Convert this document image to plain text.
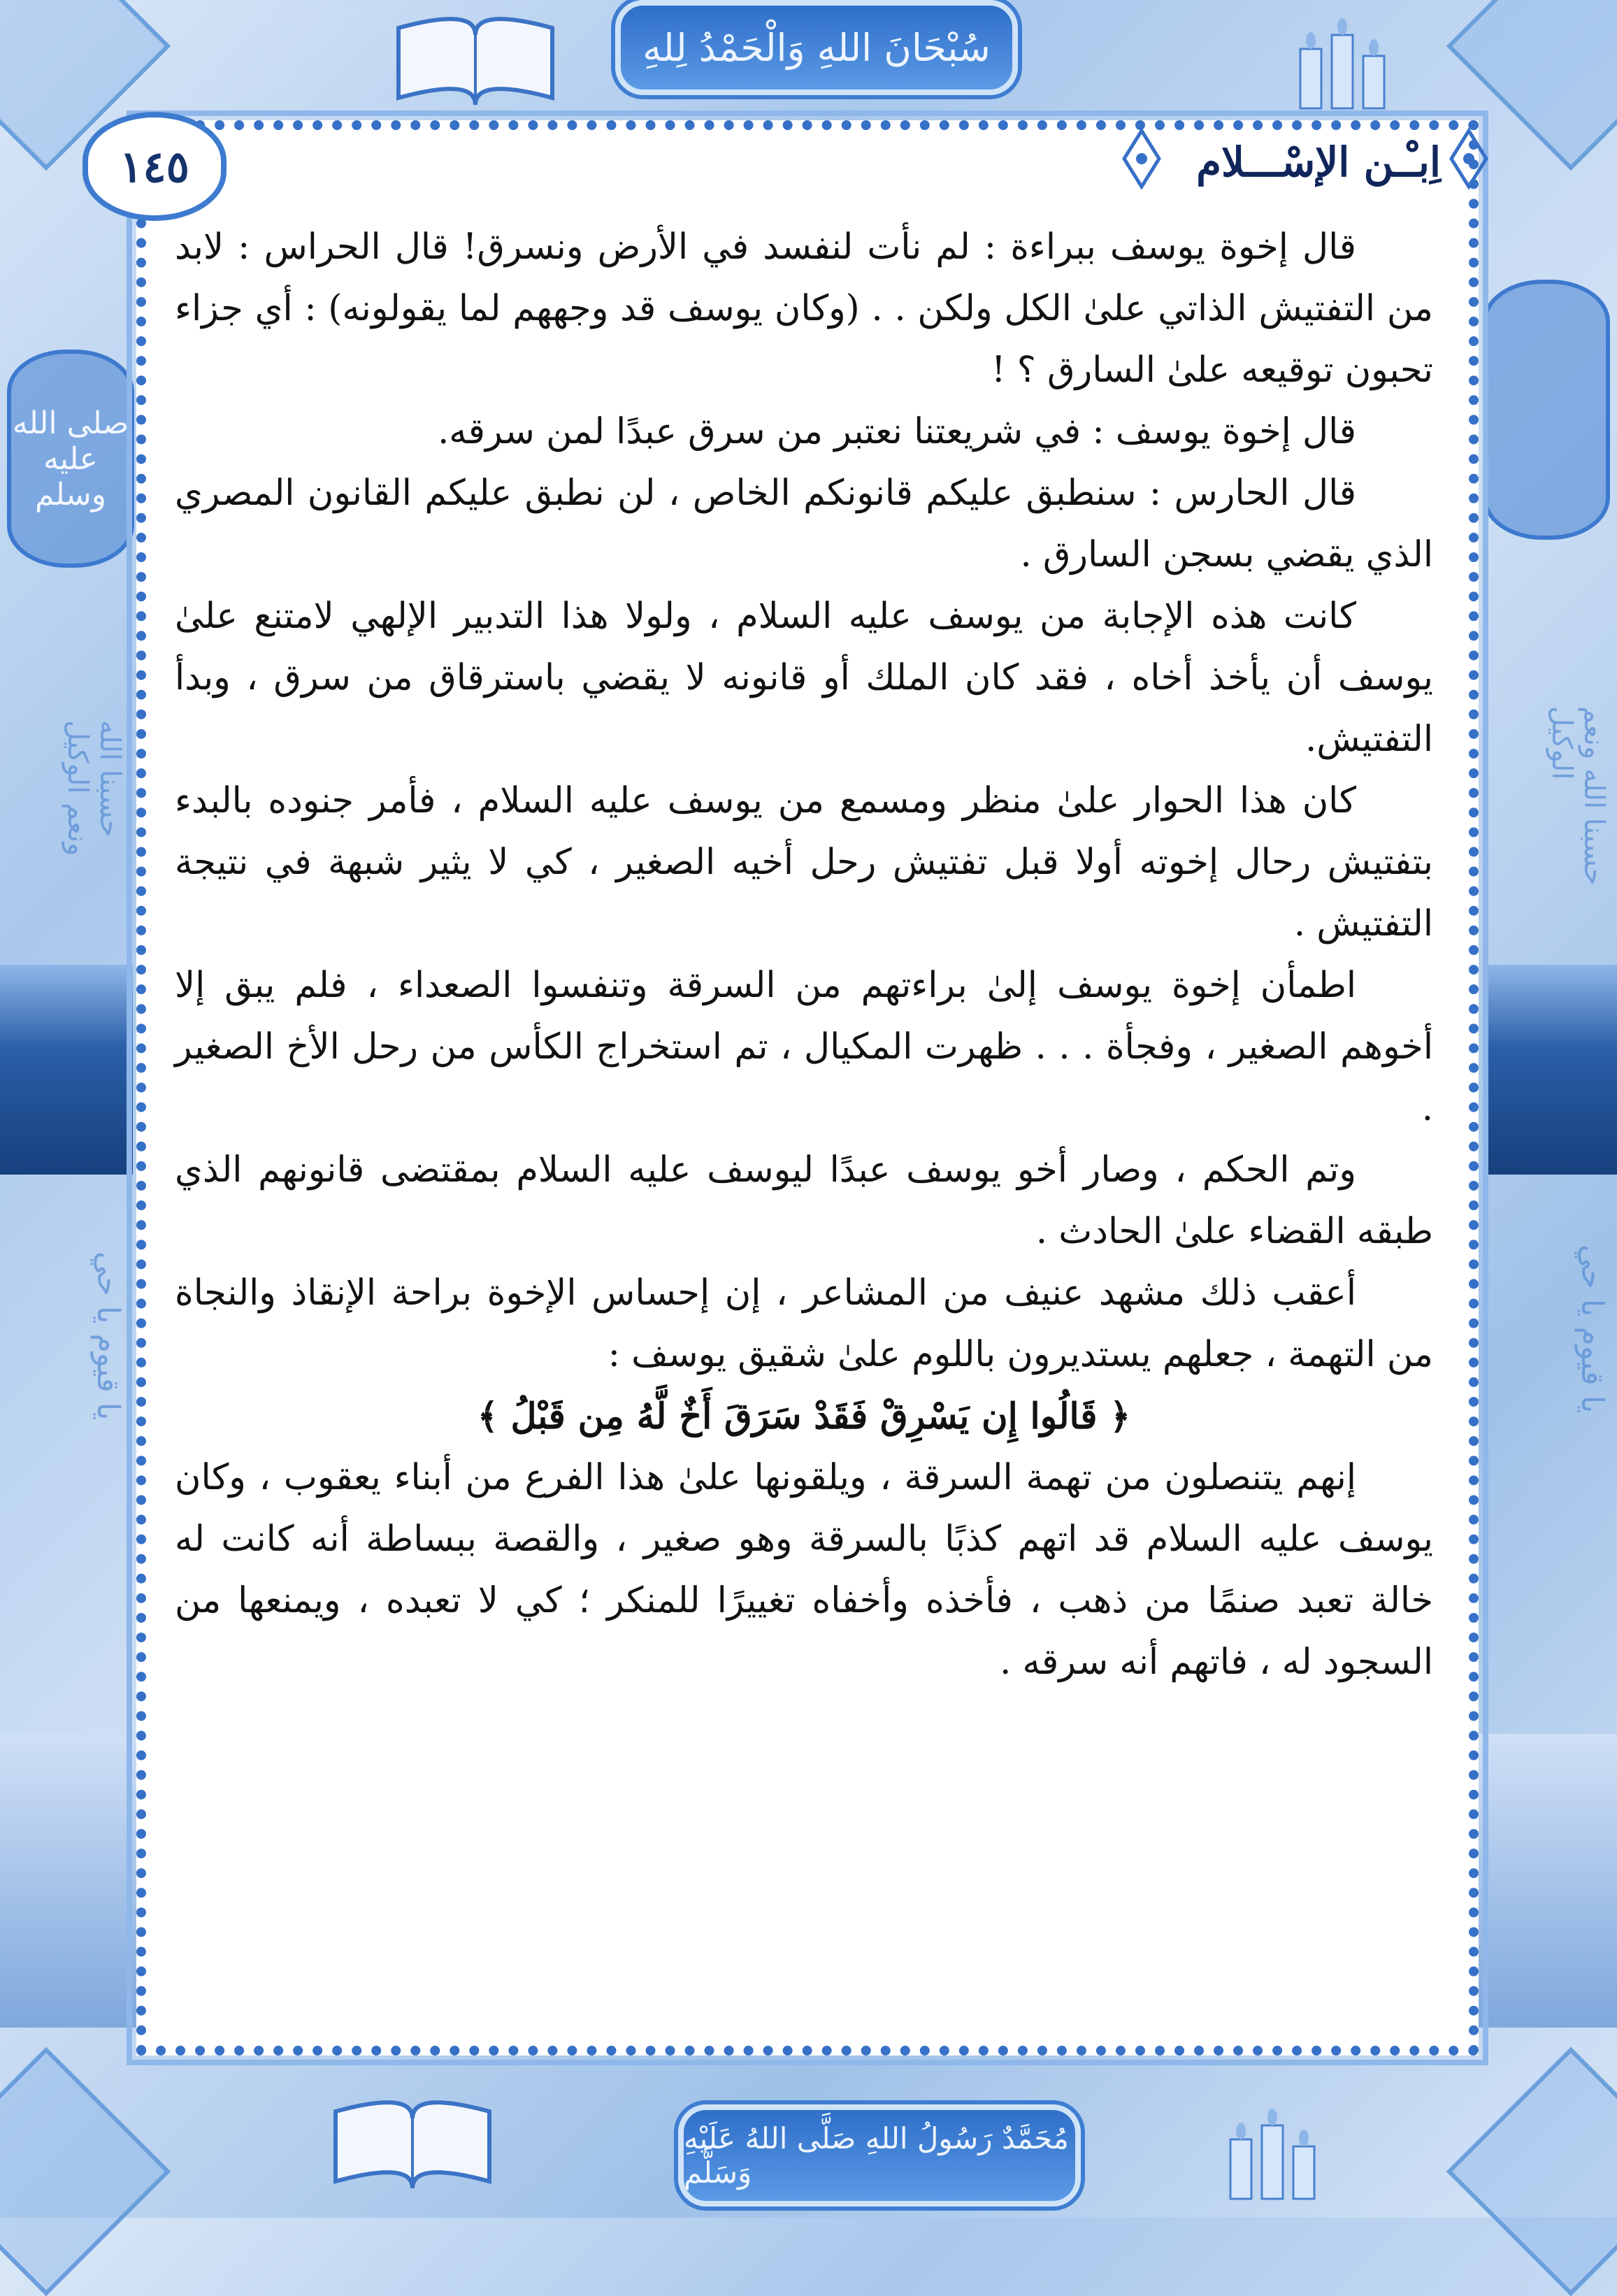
سُبْحَانَ اللهِ وَالْحَمْدُ لِلهِ
مُحَمَّدٌ رَسُولُ اللهِ صَلَّى اللهُ عَلَيْهِ وَسَلَّم
صلى الله عليه وسلم
حسبنا الله ونعم الوكيل
يا قيوم يا حي
حسبنا الله ونعم الوكيل
يا قيوم يا حي
١٤٥	اِبـْـن الإسْـــلام

قال إخوة يوسف ببراءة : لم نأت لنفسد في الأرض ونسرق! قال الحراس : لابد من التفتيش الذاتي علىٰ الكل ولكن . . (وكان يوسف قد وجههم لما يقولونه) : أي جزاء تحبون توقيعه علىٰ السارق ؟ !

قال إخوة يوسف : في شريعتنا نعتبر من سرق عبدًا لمن سرقه.

قال الحارس : سنطبق عليكم قانونكم الخاص ، لن نطبق عليكم القانون المصري الذي يقضي بسجن السارق .

كانت هذه الإجابة من يوسف عليه السلام ، ولولا هذا التدبير الإلهي لامتنع علىٰ يوسف أن يأخذ أخاه ، فقد كان الملك أو قانونه لا يقضي باسترقاق من سرق ، وبدأ التفتيش.

كان هذا الحوار علىٰ منظر ومسمع من يوسف عليه السلام ، فأمر جنوده بالبدء بتفتيش رحال إخوته أولا قبل تفتيش رحل أخيه الصغير ، كي لا يثير شبهة في نتيجة التفتيش .

اطمأن إخوة يوسف إلىٰ براءتهم من السرقة وتنفسوا الصعداء ، فلم يبق إلا أخوهم الصغير ، وفجأة . . . ظهرت المكيال ، تم استخراج الكأس من رحل الأخ الصغير .

وتم الحكم ، وصار أخو يوسف عبدًا ليوسف عليه السلام بمقتضى قانونهم الذي طبقه القضاء علىٰ الحادث .

أعقب ذلك مشهد عنيف من المشاعر ، إن إحساس الإخوة براحة الإنقاذ والنجاة من التهمة ، جعلهم يستديرون باللوم علىٰ شقيق يوسف :

﴿ قَالُوا إِن يَسْرِقْ فَقَدْ سَرَقَ أَخٌ لَّهُ مِن قَبْلُ ﴾

إنهم يتنصلون من تهمة السرقة ، ويلقونها علىٰ هذا الفرع من أبناء يعقوب ، وكان يوسف عليه السلام قد اتهم كذبًا بالسرقة وهو صغير ، والقصة ببساطة أنه كانت له خالة تعبد صنمًا من ذهب ، فأخذه وأخفاه تغييرًا للمنكر ؛ كي لا تعبده ، ويمنعها من السجود له ، فاتهم أنه سرقه .
